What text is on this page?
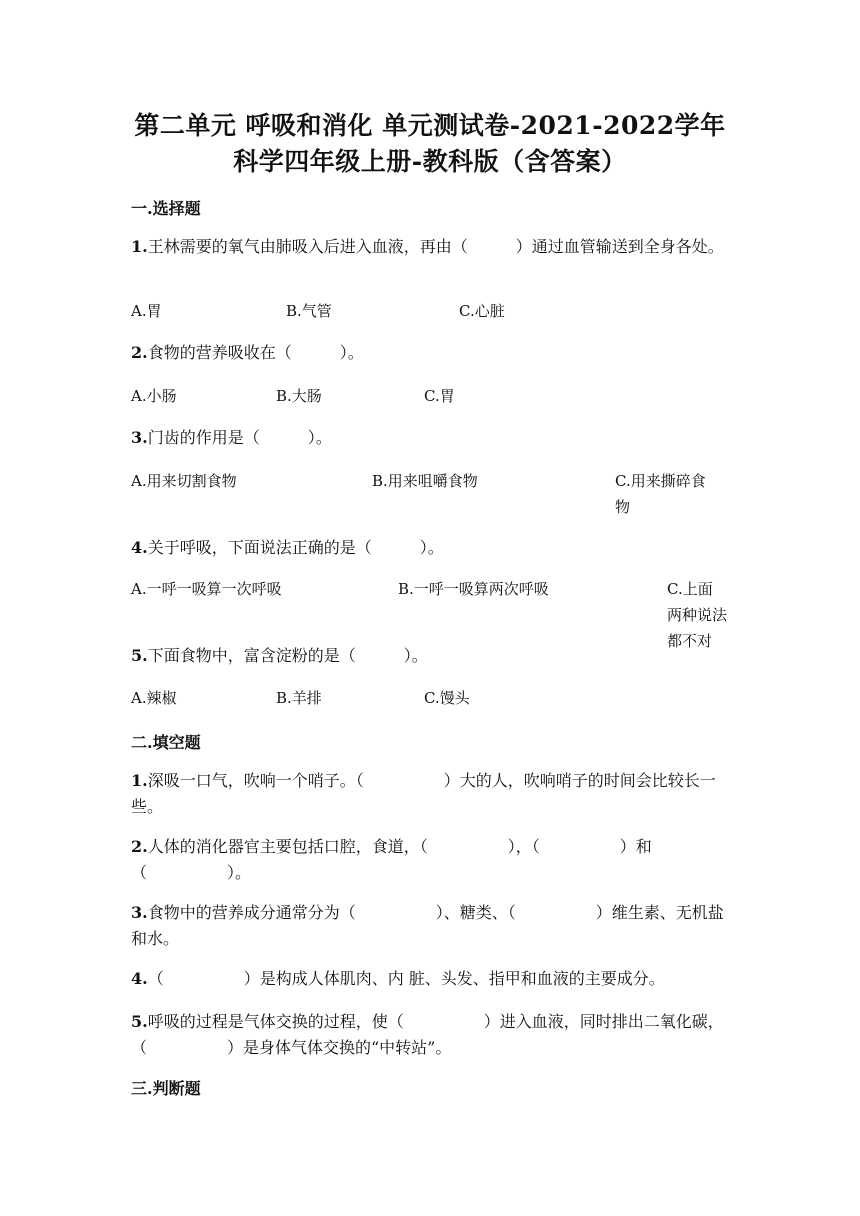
第二单元 呼吸和消化 单元测试卷-2021-2022学年
科学四年级上册-教科版（含答案）
一.选择题
1.王林需要的氧气由肺吸入后进入血液，再由（　　　）通过血管输送到全身各处。
A.胃	B.气管	C.心脏
2.食物的营养吸收在（　　　）。
A.小肠	B.大肠	C.胃
3.门齿的作用是（　　　）。
A.用来切割食物	B.用来咀嚼食物	C.用来撕碎食物
4.关于呼吸，下面说法正确的是（　　　）。
A.一呼一吸算一次呼吸	B.一呼一吸算两次呼吸	C.上面两种说法都不对
5.下面食物中，富含淀粉的是（　　　）。
A.辣椒	B.羊排	C.馒头
二.填空题
1.深吸一口气，吹响一个哨子。（　　　　　）大的人，吹响哨子的时间会比较长一些。
2.人体的消化器官主要包括口腔，食道，（　　　　　），（　　　　　）和（　　　　　）。
3.食物中的营养成分通常分为（　　　　　）、糖类、（　　　　　）维生素、无机盐和水。
4.（　　　　　）是构成人体肌肉、内 脏、头发、指甲和血液的主要成分。
5.呼吸的过程是气体交换的过程，使（　　　　　）进入血液，同时排出二氧化碳，（　　　　　）是身体气体交换的“中转站”。
三.判断题
